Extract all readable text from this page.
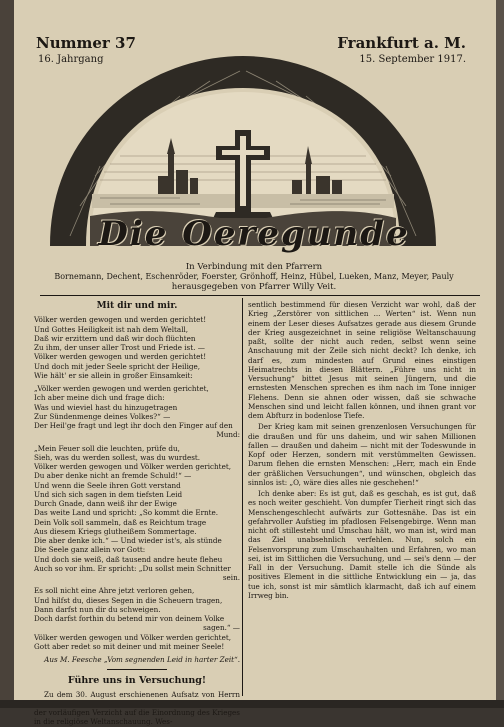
Nummer 37	Frankfurt a. M.
16. Jahrgang	15. September 1917.
Die Oeregunde
In Verbindung mit den Pfarrern
Bornemann, Dechent, Eschenröder, Foerster, Grönhoff, Heinz, Hübel, Lueken, Manz, Meyer, Pauly
herausgegeben von Pfarrer Willy Veit.
Mit dir und mir.
Völker werden gewogen und werden gerichtet!
Und Gottes Heiligkeit ist nah dem Weltall,
Daß wir erzittern und daß wir doch flüchten
Zu ihm, der unser aller Trost und Friede ist. —
Völker werden gewogen und werden gerichtet!
Und doch mit jeder Seele spricht der Heilige,
Wie hält' er sie allein in großer Einsamkeit:
„Völker werden gewogen und werden gerichtet,
Ich aber meine dich und frage dich:
Was und wieviel hast du hinzugetragen
Zur Sündenmenge deines Volkes?“ —
Der Heil'ge fragt und legt ihr doch den Finger auf den
Mund:
„Mein Feuer soll die leuchten, prüfe du,
Sieh, was du werden sollest, was du wurdest.
Völker werden gewogen und Völker werden gerichtet,
Du aber denke nicht an fremde Schuld!“ —
Und wenn die Seele ihren Gott verstand
Und sich sich sagen in dem tiefsten Leid
Durch Gnade, dann weiß ihr der Ewige
Das weite Land und spricht: „So kommt die Ernte.
Dein Volk soll sammeln, daß es Reichtum trage
Aus diesem Kriegs glutheißem Sommertage.
Die aber denke ich.“ — Und wieder ist's, als stünde
Die Seele ganz allein vor Gott:
Und doch sie weiß, daß tausend andre heute fleheu
Auch so vor ihm. Er spricht: „Du sollst mein Schnitter
sein.
Es soll nicht eine Ahre jetzt verloren gehen,
Und hilfst du, dieses Segen in die Scheuern tragen,
Dann darfst nun dir du schweigen.
Doch darfst forthin du betend mir von deinem Volke
sagen.“ —
Völker werden gewogen und Völker werden gerichtet,
Gott aber redet so mit deiner und mit meiner Seele!
Aus M. Feesche „Vom segnenden Leid in harter Zeit“.
Führe uns in Versuchung!

Zu dem 30. August erschienenen Aufsatz von Herrn der vorläufigen Verzicht auf die Einordnung des Krieges in die religiöse Weltanschauung. Wes-

sentlich bestimmend für diesen Verzicht war wohl, daß der Krieg „Zerstörer von sittlichen ... Werten“ ist. Wenn nun einem der Leser dieses Aufsatzes gerade aus diesem Grunde der Krieg ausgezeichnet in seine religiöse Weltanschauung paßt, sollte der nicht auch reden, selbst wenn seine Anschauung mit der Zeile sich nicht deckt? Ich denke, ich darf es, zum mindesten auf Grund eines einstigen Heimatrechts in diesen Blättern. „Führe uns nicht in Versuchung“ bittet Jesus mit seinen Jüngern, und die ernstesten Menschen sprechen es ihm nach im Tone inniger Flehens. Denn sie ahnen oder wissen, daß sie schwache Menschen sind und leicht fallen können, und ihnen grant vor dem Abfturz in bodenlose Tiefe.

Der Krieg kam mit seinen grenzenlosen Versuchungen für die draußen und für uns daheim, und wir sahen Millionen fallen — draußen und daheim — nicht mit der Todeswunde in Kopf oder Herzen, sondern mit verstümmelten Gewissen. Darum flehen die ernsten Menschen: „Herr, mach ein Ende der gräßlichen Versuchungen“, und wünschen, obgleich das sinnlos ist: „O, wäre dies alles nie geschehen!“

Ich denke aber: Es ist gut, daß es geschah, es ist gut, daß es noch weiter geschieht. Von dumpfer Tierheit ringt sich das Menschengeschlecht aufwärts zur Gottesnähe. Das ist ein gefahrvoller Aufstieg im pfadlosen Felsengebirge. Wenn man nicht oft stillesteht und Umschau hält, wo man ist, wird man das Ziel unabsehnlich verfehlen. Nun, solch ein Felsenvorsprung zum Umschauhalten und Erfahren, wo man sei, ist im Sittlichen die Versuchung, und — sei's denn — der Fall in der Versuchung. Damit stelle ich die Sünde als positives Element in die sittliche Entwicklung ein — ja, das tue ich, sonst ist mir sämtlich klarmacht, daß ich auf einem Irrweg bin.
